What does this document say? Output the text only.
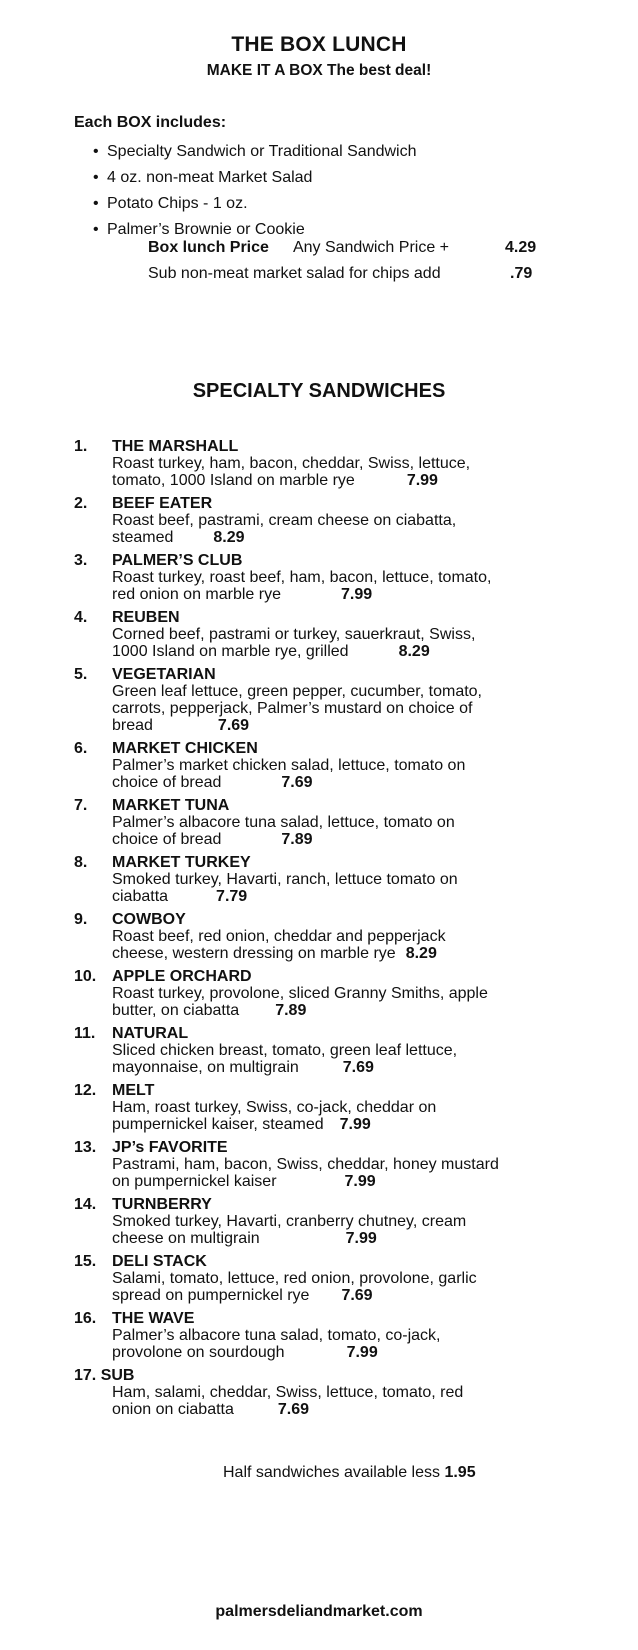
THE BOX LUNCH
MAKE IT A BOX The best deal!
Each BOX includes:
• Specialty Sandwich or Traditional Sandwich
• 4 oz. non-meat Market Salad
• Potato Chips - 1 oz.
• Palmer’s Brownie or Cookie
Box lunch Price Any Sandwich Price +	4.29
Sub non-meat market salad for chips add	.79
SPECIALTY SANDWICHES
1. THE MARSHALL
Roast turkey, ham, bacon, cheddar, Swiss, lettuce,
tomato, 1000 Island on marble rye	7.99
2. BEEF EATER
Roast beef, pastrami, cream cheese on ciabatta,
steamed	8.29
3. PALMER’S CLUB
Roast turkey, roast beef, ham, bacon, lettuce, tomato,
red onion on marble rye	7.99
4. REUBEN
Corned beef, pastrami or turkey, sauerkraut, Swiss,
1000 Island on marble rye, grilled	8.29
5. VEGETARIAN
Green leaf lettuce, green pepper, cucumber, tomato,
carrots, pepperjack, Palmer’s mustard on choice of
bread	7.69
6. MARKET CHICKEN
Palmer’s market chicken salad, lettuce, tomato on
choice of bread	7.69
7. MARKET TUNA
Palmer’s albacore tuna salad, lettuce, tomato on
choice of bread	7.89
8. MARKET TURKEY
Smoked turkey, Havarti, ranch, lettuce tomato on
ciabatta	7.79
9. COWBOY
Roast beef, red onion, cheddar and pepperjack
cheese, western dressing on marble rye 8.29
10. APPLE ORCHARD
Roast turkey, provolone, sliced Granny Smiths, apple
butter, on ciabatta 7.89
11. NATURAL
Sliced chicken breast, tomato, green leaf lettuce,
mayonnaise, on multigrain	7.69
12. MELT
Ham, roast turkey, Swiss, co-jack, cheddar on
pumpernickel kaiser, steamed 7.99
13. JP’s FAVORITE
Pastrami, ham, bacon, Swiss, cheddar, honey mustard
on pumpernickel kaiser	7.99
14. TURNBERRY
Smoked turkey, Havarti, cranberry chutney, cream
cheese on multigrain	7.99
15. DELI STACK
Salami, tomato, lettuce, red onion, provolone, garlic
spread on pumpernickel rye 7.69
16. THE WAVE
Palmer’s albacore tuna salad, tomato, co-jack,
provolone on sourdough	7.99
17. SUB
Ham, salami, cheddar, Swiss, lettuce, tomato, red
onion on ciabatta	7.69
Half sandwiches available less 1.95
palmersdeliandmarket.com
